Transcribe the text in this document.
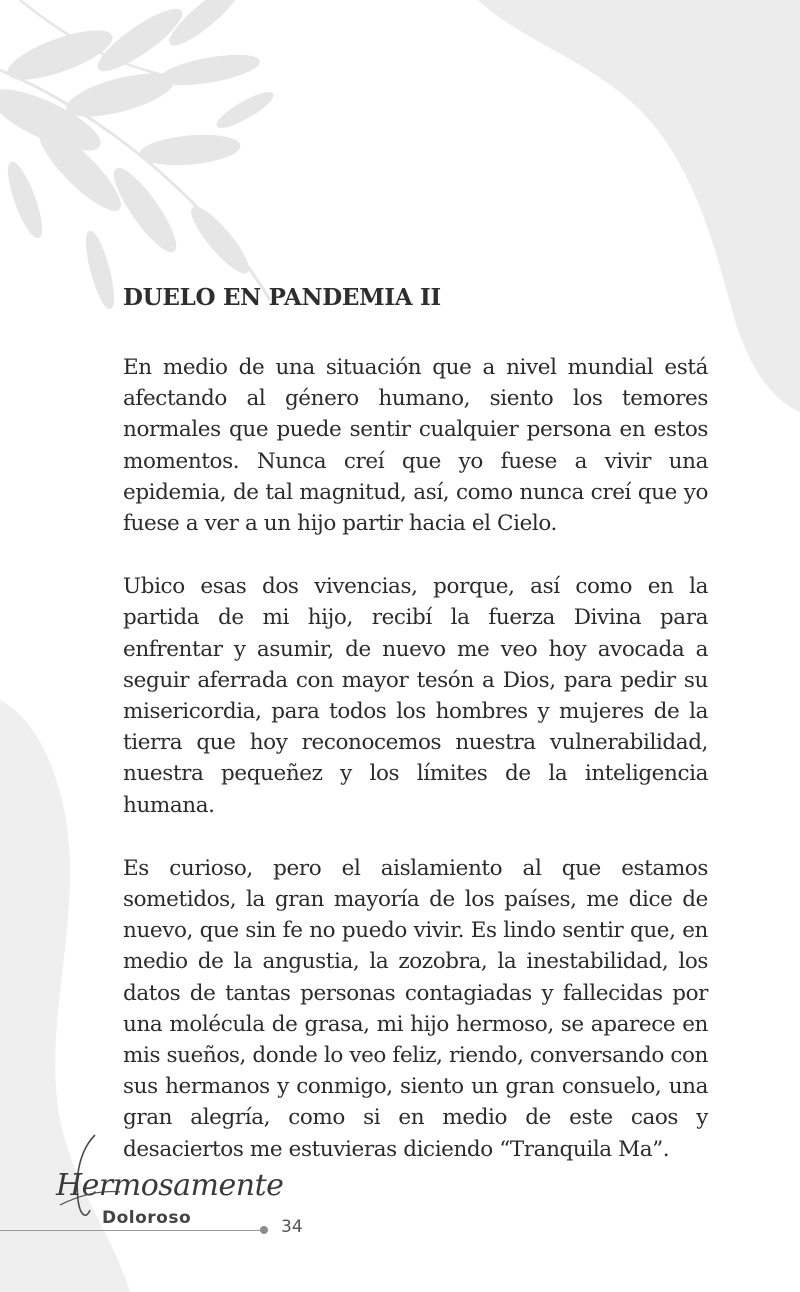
DUELO EN PANDEMIA II

En medio de una situación que a nivel mundial está afectando al género humano, siento los temores normales que puede sentir cualquier persona en estos momentos. Nunca creí que yo fuese a vivir una epidemia, de tal magnitud, así, como nunca creí que yo fuese a ver a un hijo partir hacia el Cielo.

Ubico esas dos vivencias, porque, así como en la partida de mi hijo, recibí la fuerza Divina para enfrentar y asumir, de nuevo me veo hoy avocada a seguir aferrada con mayor tesón a Dios, para pedir su misericordia, para todos los hombres y mujeres de la tierra que hoy reconocemos nuestra vulnerabilidad, nuestra pequeñez y los límites de la inteligencia humana.

Es curioso, pero el aislamiento al que estamos sometidos, la gran mayoría de los países, me dice de nuevo, que sin fe no puedo vivir. Es lindo sentir que, en medio de la angustia, la zozobra, la inestabilidad, los datos de tantas personas contagiadas y fallecidas por una molécula de grasa, mi hijo hermoso, se aparece en mis sueños, donde lo veo feliz, riendo, conversando con sus hermanos y conmigo, siento un gran consuelo, una gran alegría, como si en medio de este caos y desaciertos me estuvieras diciendo “Tranquila Ma”.

Hermosamente
Doloroso	34
